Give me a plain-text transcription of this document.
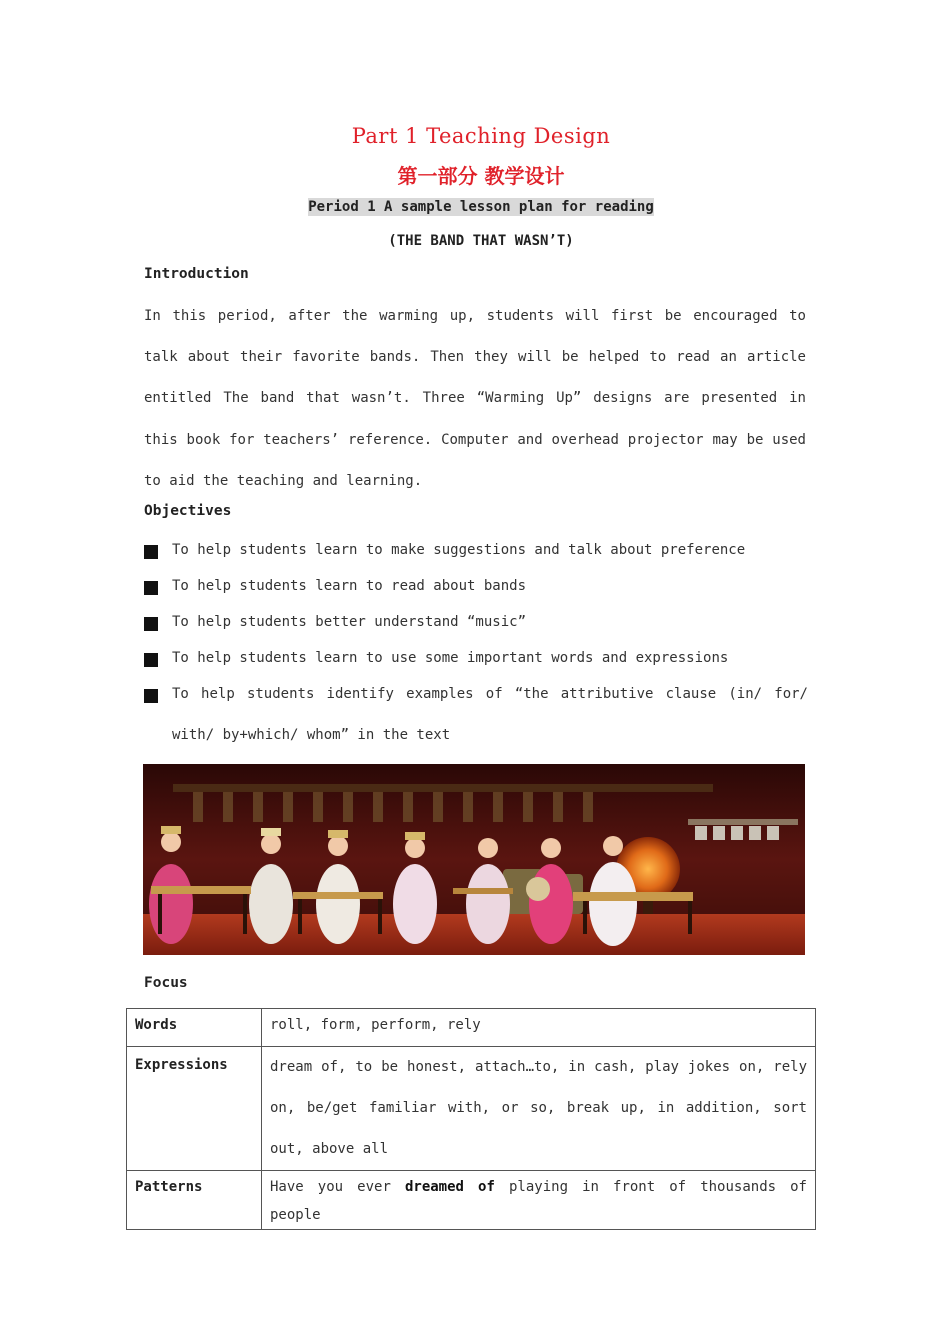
Part 1 Teaching Design
第一部分 教学设计
Period 1 A sample lesson plan for reading
(THE BAND THAT WASN’T)
Introduction
In this period, after the warming up, students will first be encouraged to talk about their favorite bands. Then they will be helped to read an article entitled The band that wasn’t. Three “Warming Up” designs are presented in this book for teachers’ reference. Computer and overhead projector may be used to aid the teaching and learning.
Objectives
To help students learn to make suggestions and talk about preference
To help students learn to read about bands
To help students better understand “music”
To help students learn to use some important words and expressions
To help students identify examples of “the attributive clause (in/ for/ with/ by+which/ whom” in the text
Focus
Words	roll, form, perform, rely
Expressions	dream of, to be honest, attach…to, in cash, play jokes on, rely on, be/get familiar with, or so, break up, in addition, sort out, above all
Patterns	Have you ever dreamed of playing in front of thousands of people
